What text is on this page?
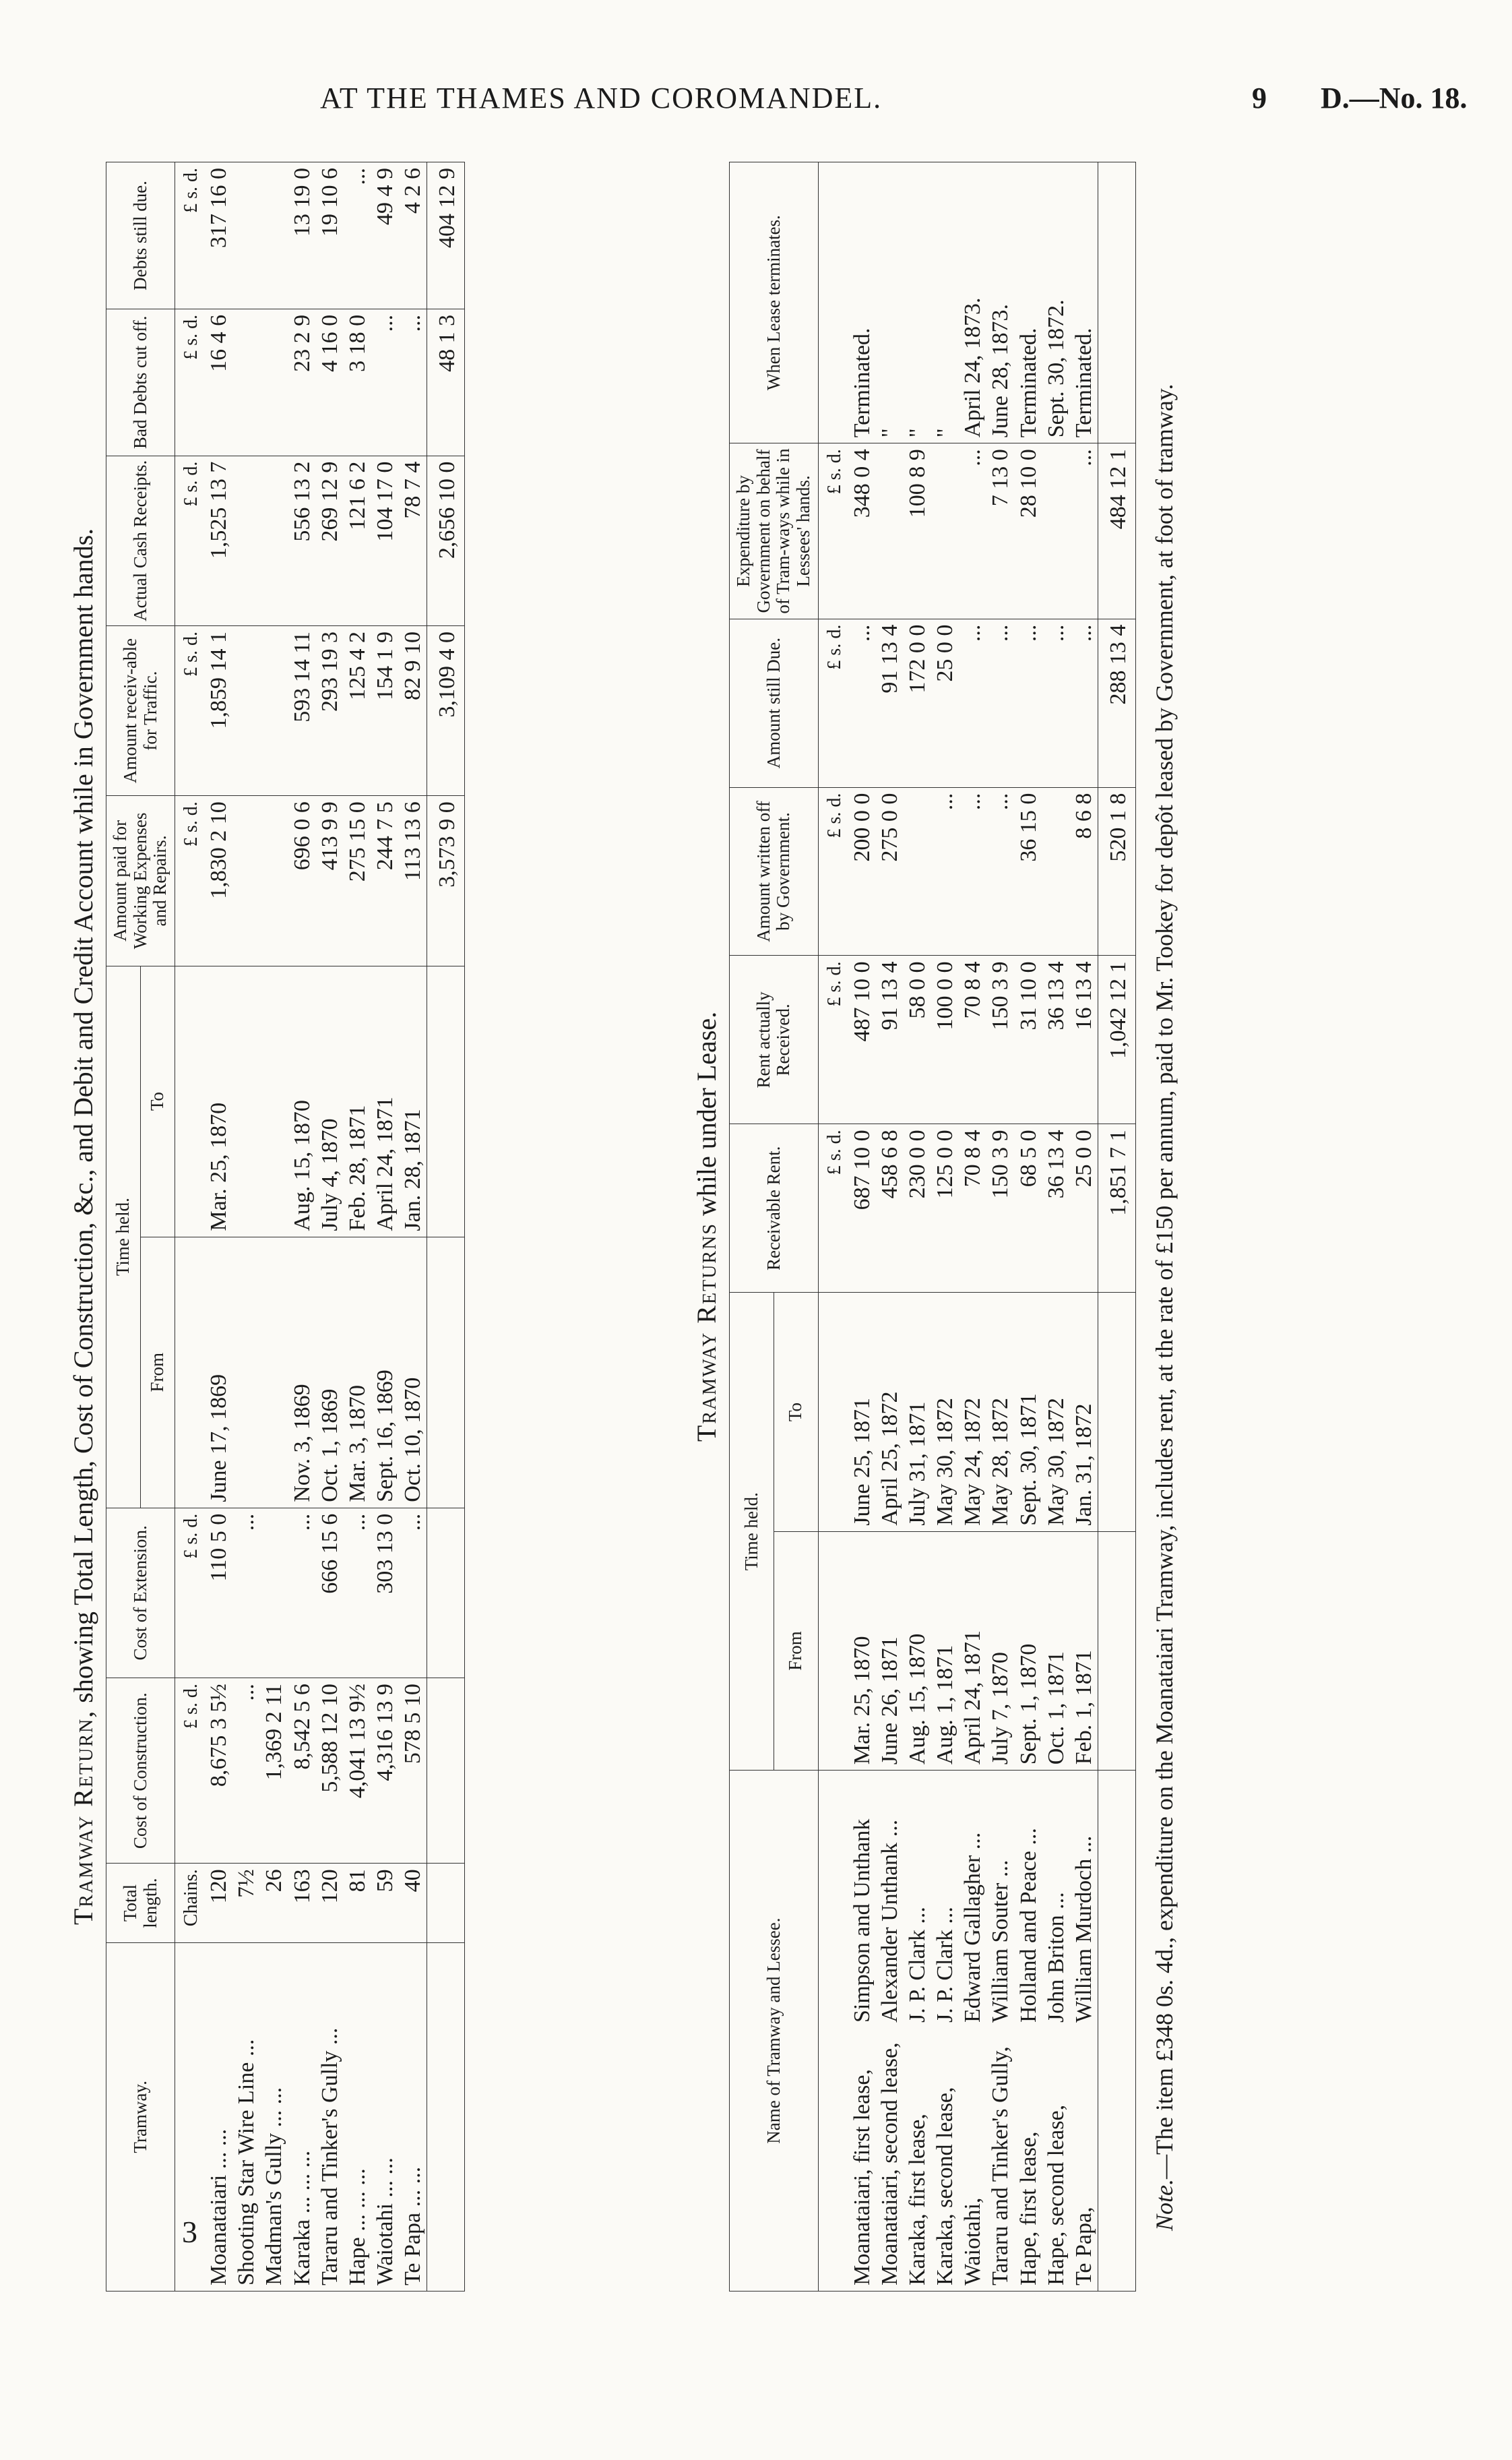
AT THE THAMES AND COROMANDEL.	9 D.—No. 18.
3
Tramway Return, showing Total Length, Cost of Construction, &c., and Debit and Credit Account while in Government hands.
Tramway.	Total length.	Cost of Construction.	Cost of Extension.	Time held.		Amount paid for Working Expenses and Repairs.	Amount receiv-able for Traffic.	Actual Cash Receipts.	Bad Debts cut off.	Debts still due.
				From	To					
	Chains.	£ s. d.	£ s. d.			£ s. d.	£ s. d.	£ s. d.	£ s. d.	£ s. d.
Moanataiari ... ...	120	8,675 3 5½	110 5 0	June 17, 1869	Mar. 25, 1870	1,830 2 10	1,859 14 1	1,525 13 7	16 4 6	317 16 0
Shooting Star Wire Line ...	7½	...	...							
Madman's Gully ... ...	26	1,369 2 11								
Karaka ... ... ...	163	8,542 5 6	...	Nov. 3, 1869	Aug. 15, 1870	696 0 6	593 14 11	556 13 2	23 2 9	13 19 0
Tararu and Tinker's Gully ...	120	5,588 12 10	666 15 6	Oct. 1, 1869	July 4, 1870	413 9 9	293 19 3	269 12 9	4 16 0	19 10 6
Hape ... ... ...	81	4,041 13 9½	...	Mar. 3, 1870	Feb. 28, 1871	275 15 0	125 4 2	121 6 2	3 18 0	...
Waiotahi ... ...	59	4,316 13 9	303 13 0	Sept. 16, 1869	April 24, 1871	244 7 5	154 1 9	104 17 0	...	49 4 9
Te Papa ... ...	40	578 5 10	...	Oct. 10, 1870	Jan. 28, 1871	113 13 6	82 9 10	78 7 4	...	4 2 6
						3,573 9 0	3,109 4 0	2,656 10 0	48 1 3	404 12 9
Tramway Returns while under Lease.
Name of Tramway and Lessee.	Time held.		Receivable Rent.	Rent actually Received.	Amount written off by Government.	Amount still Due.	Expenditure by Government on behalf of Tram-ways while in Lessees' hands.	When Lease terminates.
	From	To						
			£ s. d.	£ s. d.	£ s. d.	£ s. d.	£ s. d.	
Moanataiari, first lease,Simpson and Unthank	Mar. 25, 1870	June 25, 1871	687 10 0	487 10 0	200 0 0	...	348 0 4	Terminated.
Moanataiari, second lease,Alexander Unthank ...	June 26, 1871	April 25, 1872	458 6 8	91 13 4	275 0 0	91 13 4		"
Karaka, first lease,J. P. Clark ...	Aug. 15, 1870	July 31, 1871	230 0 0	58 0 0		172 0 0	100 8 9	"
Karaka, second lease,J. P. Clark ...	Aug. 1, 1871	May 30, 1872	125 0 0	100 0 0	...	25 0 0		"
Waiotahi,Edward Gallagher ...	April 24, 1871	May 24, 1872	70 8 4	70 8 4	...	...	...	April 24, 1873.
Tararu and Tinker's Gully,William Souter ...	July 7, 1870	May 28, 1872	150 3 9	150 3 9	...	...	7 13 0	June 28, 1873.
Hape, first lease,Holland and Peace ...	Sept. 1, 1870	Sept. 30, 1871	68 5 0	31 10 0	36 15 0	...	28 10 0	Terminated.
Hape, second lease,John Briton ...	Oct. 1, 1871	May 30, 1872	36 13 4	36 13 4		...		Sept. 30, 1872.
Te Papa,William Murdoch ...	Feb. 1, 1871	Jan. 31, 1872	25 0 0	16 13 4	8 6 8	...	...	Terminated.
			1,851 7 1	1,042 12 1	520 1 8	288 13 4	484 12 1	
Note.—The item £348 0s. 4d., expenditure on the Moanataiari Tramway, includes rent, at the rate of £150 per annum, paid to Mr. Tookey for depôt leased by Government, at foot of tramway.
